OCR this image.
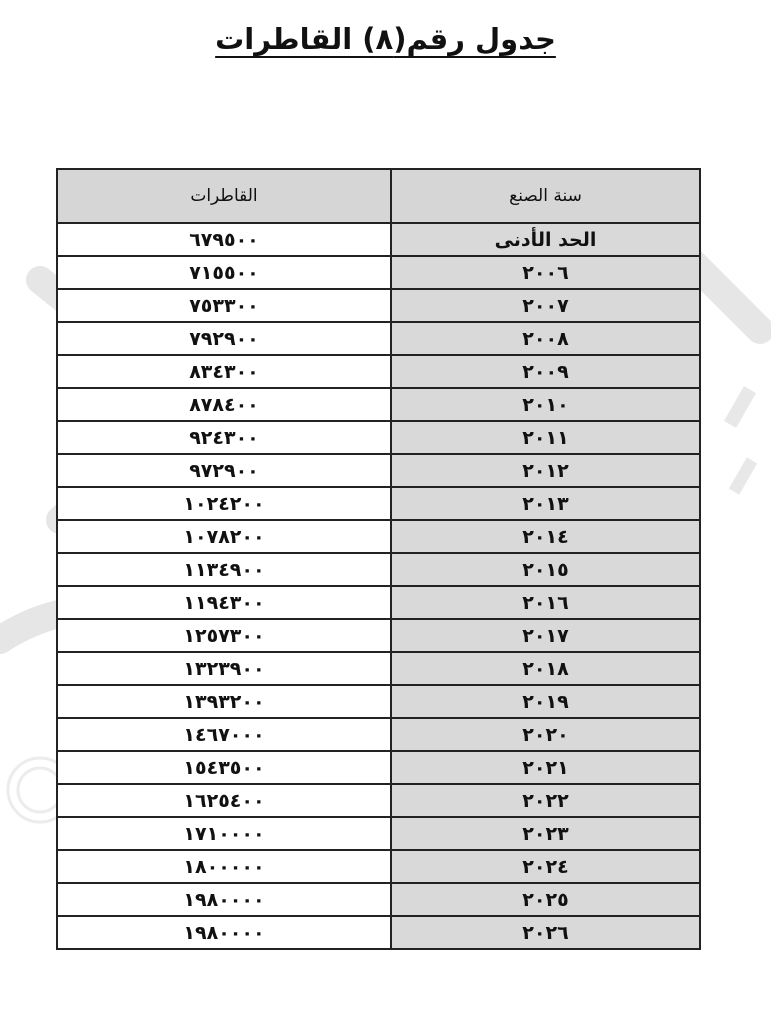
جدول رقم(٨) القاطرات
سنة الصنع	القاطرات
الحد الأدنى	٦٧٩٥٠٠
٢٠٠٦	٧١٥٥٠٠
٢٠٠٧	٧٥٣٣٠٠
٢٠٠٨	٧٩٢٩٠٠
٢٠٠٩	٨٣٤٣٠٠
٢٠١٠	٨٧٨٤٠٠
٢٠١١	٩٢٤٣٠٠
٢٠١٢	٩٧٢٩٠٠
٢٠١٣	١٠٢٤٢٠٠
٢٠١٤	١٠٧٨٢٠٠
٢٠١٥	١١٣٤٩٠٠
٢٠١٦	١١٩٤٣٠٠
٢٠١٧	١٢٥٧٣٠٠
٢٠١٨	١٣٢٣٩٠٠
٢٠١٩	١٣٩٣٢٠٠
٢٠٢٠	١٤٦٧٠٠٠
٢٠٢١	١٥٤٣٥٠٠
٢٠٢٢	١٦٢٥٤٠٠
٢٠٢٣	١٧١٠٠٠٠
٢٠٢٤	١٨٠٠٠٠٠
٢٠٢٥	١٩٨٠٠٠٠
٢٠٢٦	١٩٨٠٠٠٠
